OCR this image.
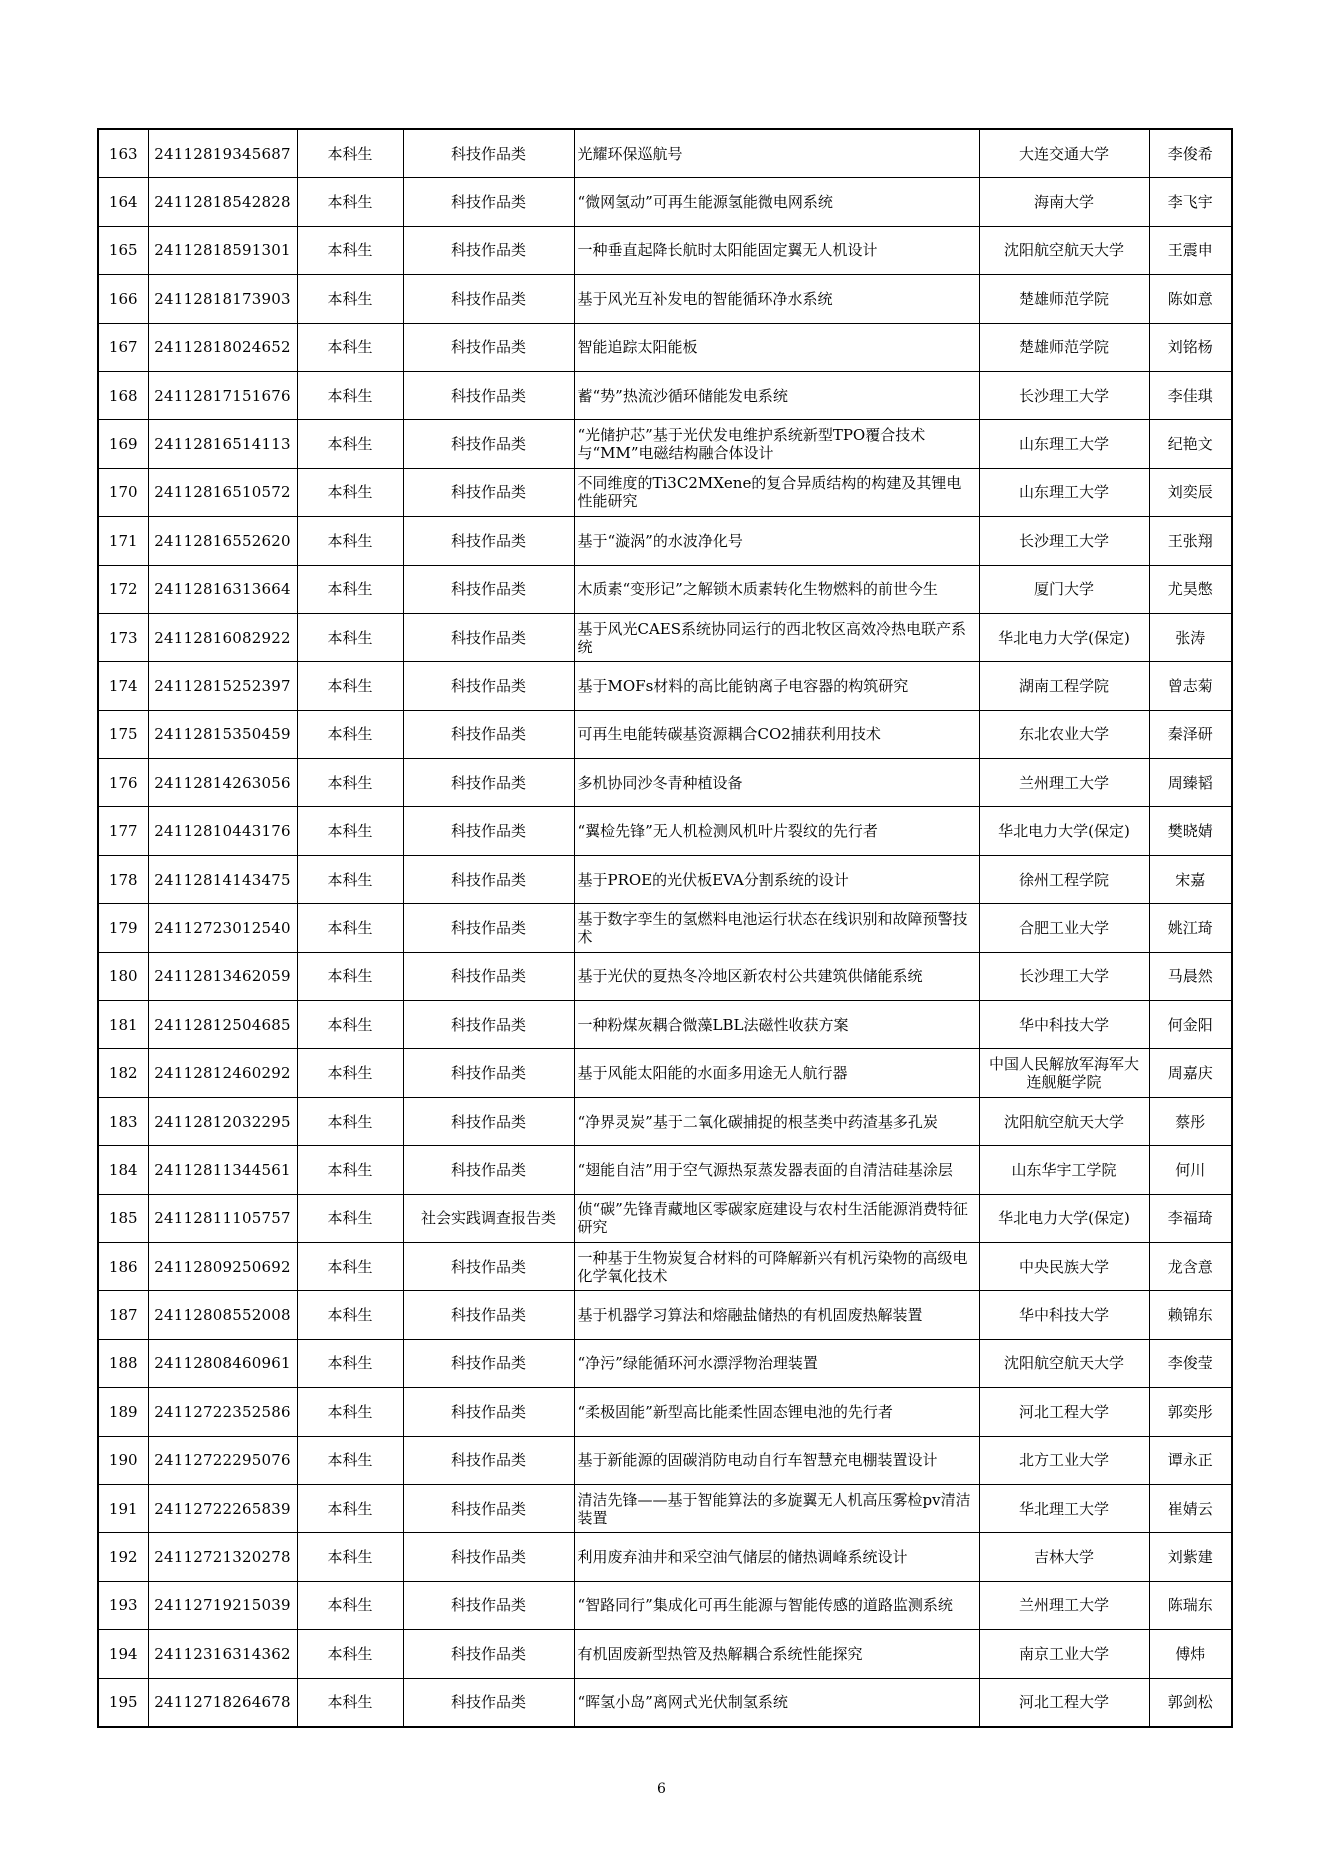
163	24112819345687	本科生	科技作品类	光耀环保巡航号	大连交通大学	李俊希
164	24112818542828	本科生	科技作品类	“微网氢动”可再生能源氢能微电网系统	海南大学	李飞宇
165	24112818591301	本科生	科技作品类	一种垂直起降长航时太阳能固定翼无人机设计	沈阳航空航天大学	王震申
166	24112818173903	本科生	科技作品类	基于风光互补发电的智能循环净水系统	楚雄师范学院	陈如意
167	24112818024652	本科生	科技作品类	智能追踪太阳能板	楚雄师范学院	刘铭杨
168	24112817151676	本科生	科技作品类	蓄“势”热流沙循环储能发电系统	长沙理工大学	李佳琪
169	24112816514113	本科生	科技作品类	“光储护芯”基于光伏发电维护系统新型TPO覆合技术与“MM”电磁结构融合体设计	山东理工大学	纪艳文
170	24112816510572	本科生	科技作品类	不同维度的Ti3C2MXene的复合异质结构的构建及其锂电性能研究	山东理工大学	刘奕辰
171	24112816552620	本科生	科技作品类	基于“漩涡”的水波净化号	长沙理工大学	王张翔
172	24112816313664	本科生	科技作品类	木质素“变形记”之解锁木质素转化生物燃料的前世今生	厦门大学	尤昊憋
173	24112816082922	本科生	科技作品类	基于风光CAES系统协同运行的西北牧区高效冷热电联产系统	华北电力大学(保定)	张涛
174	24112815252397	本科生	科技作品类	基于MOFs材料的高比能钠离子电容器的构筑研究	湖南工程学院	曾志菊
175	24112815350459	本科生	科技作品类	可再生电能转碳基资源耦合CO2捕获利用技术	东北农业大学	秦泽研
176	24112814263056	本科生	科技作品类	多机协同沙冬青种植设备	兰州理工大学	周臻韬
177	24112810443176	本科生	科技作品类	“翼检先锋”无人机检测风机叶片裂纹的先行者	华北电力大学(保定)	樊晓婧
178	24112814143475	本科生	科技作品类	基于PROE的光伏板EVA分割系统的设计	徐州工程学院	宋嘉
179	24112723012540	本科生	科技作品类	基于数字孪生的氢燃料电池运行状态在线识别和故障预警技术	合肥工业大学	姚江琦
180	24112813462059	本科生	科技作品类	基于光伏的夏热冬冷地区新农村公共建筑供储能系统	长沙理工大学	马晨然
181	24112812504685	本科生	科技作品类	一种粉煤灰耦合微藻LBL法磁性收获方案	华中科技大学	何金阳
182	24112812460292	本科生	科技作品类	基于风能太阳能的水面多用途无人航行器	中国人民解放军海军大连舰艇学院	周嘉庆
183	24112812032295	本科生	科技作品类	“净界灵炭”基于二氧化碳捕捉的根茎类中药渣基多孔炭	沈阳航空航天大学	蔡彤
184	24112811344561	本科生	科技作品类	“翅能自洁”用于空气源热泵蒸发器表面的自清洁硅基涂层	山东华宇工学院	何川
185	24112811105757	本科生	社会实践调查报告类	侦“碳”先锋青藏地区零碳家庭建设与农村生活能源消费特征研究	华北电力大学(保定)	李福琦
186	24112809250692	本科生	科技作品类	一种基于生物炭复合材料的可降解新兴有机污染物的高级电化学氧化技术	中央民族大学	龙含意
187	24112808552008	本科生	科技作品类	基于机器学习算法和熔融盐储热的有机固废热解装置	华中科技大学	赖锦东
188	24112808460961	本科生	科技作品类	“净污”绿能循环河水漂浮物治理装置	沈阳航空航天大学	李俊莹
189	24112722352586	本科生	科技作品类	“柔极固能”新型高比能柔性固态锂电池的先行者	河北工程大学	郭奕彤
190	24112722295076	本科生	科技作品类	基于新能源的固碳消防电动自行车智慧充电棚装置设计	北方工业大学	谭永正
191	24112722265839	本科生	科技作品类	清洁先锋——基于智能算法的多旋翼无人机高压雾检pv清洁装置	华北理工大学	崔婧云
192	24112721320278	本科生	科技作品类	利用废弃油井和采空油气储层的储热调峰系统设计	吉林大学	刘紫建
193	24112719215039	本科生	科技作品类	“智路同行”集成化可再生能源与智能传感的道路监测系统	兰州理工大学	陈瑞东
194	24112316314362	本科生	科技作品类	有机固废新型热管及热解耦合系统性能探究	南京工业大学	傅炜
195	24112718264678	本科生	科技作品类	“晖氢小岛”离网式光伏制氢系统	河北工程大学	郭剑松
6
